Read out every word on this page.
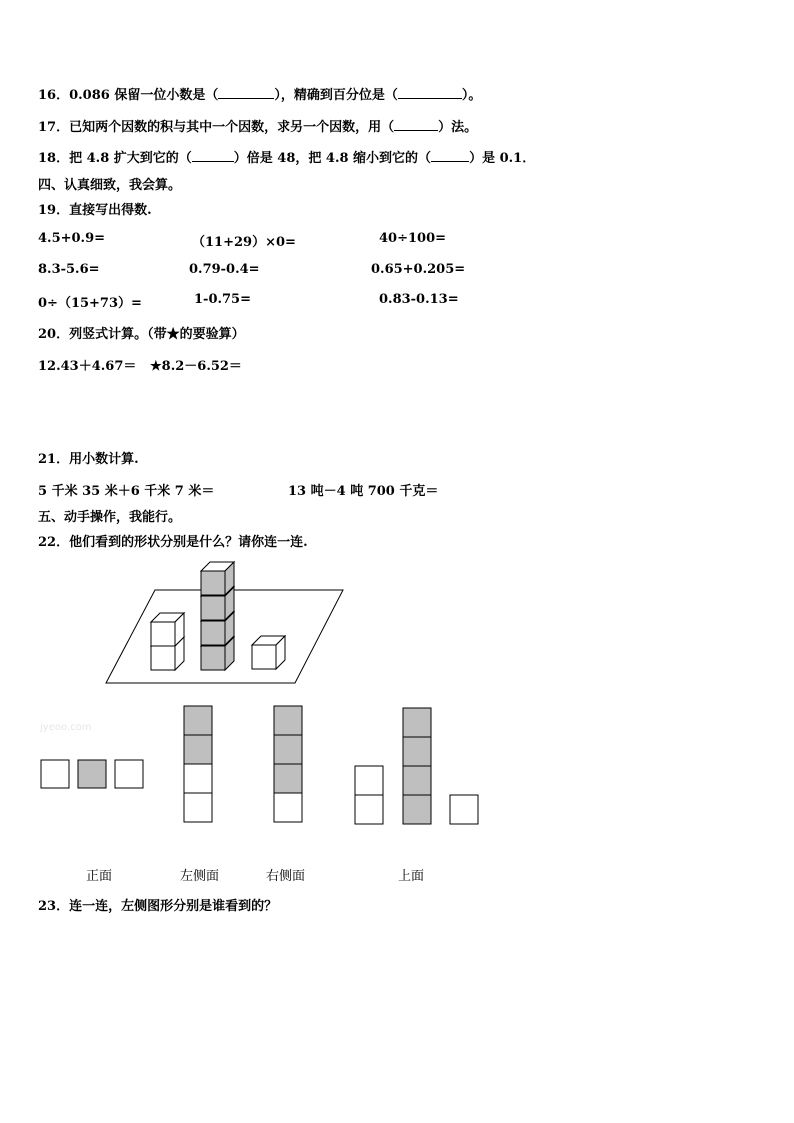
16．0.086 保留一位小数是（	），精确到百分位是（	）。
17．已知两个因数的积与其中一个因数，求另一个因数，用（	）法。
18．把 4.8 扩大到它的（	）倍是 48，把 4.8 缩小到它的（	）是 0.1．
四、认真细致，我会算。
19．直接写出得数.
4.5+0.9=	（11+29）×0=	40÷100=
8.3-5.6=	0.79-0.4=	0.65+0.205=
0÷（15+73）=	1-0.75=	0.83-0.13=
20．列竖式计算。（带★的要验算）
12.43＋4.67＝ ★8.2－6.52＝
21．用小数计算.
5 千米 35 米＋6 千米 7 米＝	13 吨－4 吨 700 千克＝
五、动手操作，我能行。
22．他们看到的形状分别是什么？请你连一连.
jyeoo.com
正面	左侧面	右侧面	上面
23．连一连，左侧图形分别是谁看到的？
